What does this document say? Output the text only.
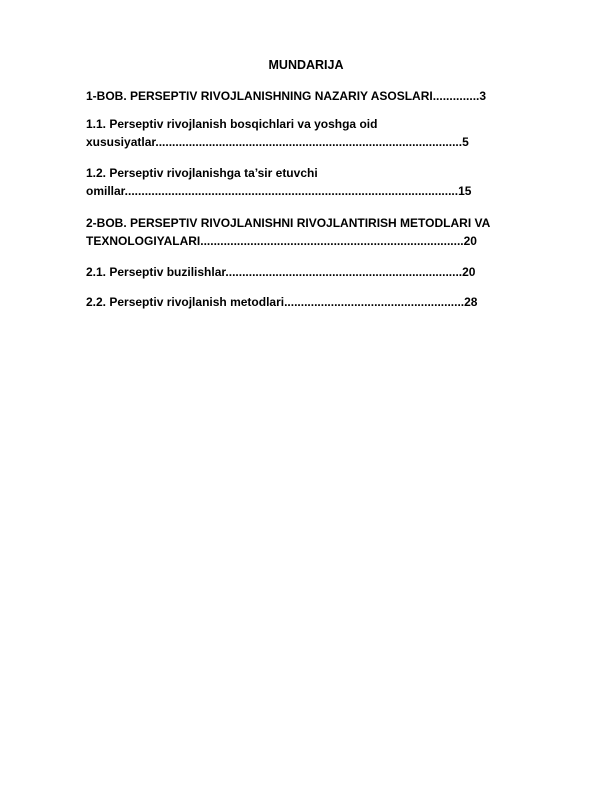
MUNDARIJA
1-BOB. PERSEPTIV RIVOJLANISHNING NAZARIY ASOSLARI..............3
1.1. Perseptiv rivojlanish bosqichlari va yoshga oid
xususiyatlar............................................................................................5
1.2. Perseptiv rivojlanishga ta’sir etuvchi
omillar....................................................................................................15
2-BOB. PERSEPTIV RIVOJLANISHNI RIVOJLANTIRISH METODLARI VA
TEXNOLOGIYALARI...............................................................................20
2.1. Perseptiv buzilishlar.......................................................................20
2.2. Perseptiv rivojlanish metodlari......................................................28
